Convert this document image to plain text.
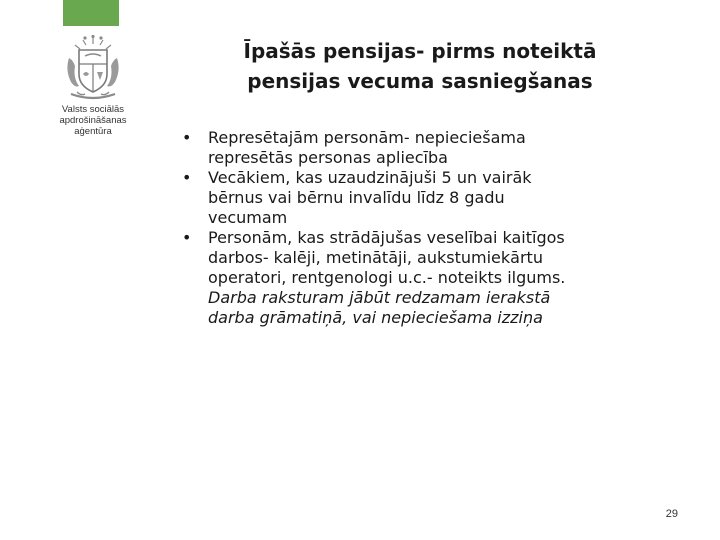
Valsts sociālās
apdrošināšanas
aģentūra
Īpašās pensijas- pirms noteiktā
pensijas vecuma sasniegšanas
• Represētajām personām- nepieciešama
represētās personas apliecība
• Vecākiem, kas uzaudzinājuši 5 un vairāk
bērnus vai bērnu invalīdu līdz 8 gadu
vecumam
• Personām, kas strādājušas veselībai kaitīgos
darbos- kalēji, metinātāji, aukstumiekārtu
operatori, rentgenologi u.c.- noteikts ilgums.
Darba raksturam jābūt redzamam ierakstā
darba grāmatiņā, vai nepieciešama izziņa
29
